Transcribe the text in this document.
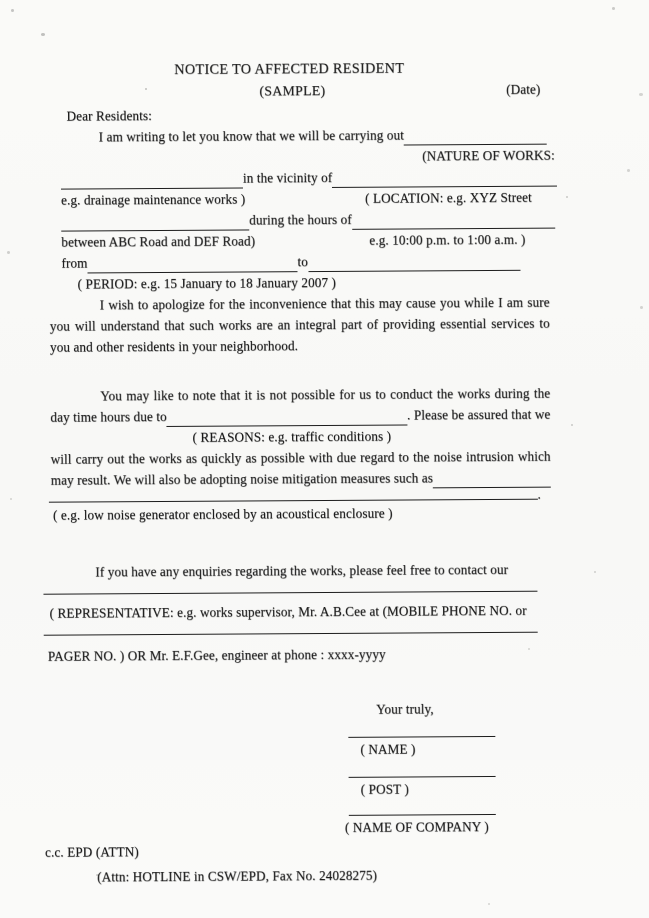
NOTICE TO AFFECTED RESIDENT
(SAMPLE)	(Date)
Dear Residents:
I am writing to let you know that we will be carrying out
(NATURE OF WORKS:
in the vicinity of
e.g. drainage maintenance works )	( LOCATION: e.g. XYZ Street
during the hours of
between ABC Road and DEF Road)	e.g. 10:00 p.m. to 1:00 a.m. )
from	to
( PERIOD: e.g. 15 January to 18 January 2007 )
I wish to apologize for the inconvenience that this may cause you while I am sure
you will understand that such works are an integral part of providing essential services to
you and other residents in your neighborhood.
You may like to note that it is not possible for us to conduct the works during the
day time hours due to	. Please be assured that we
( REASONS: e.g. traffic conditions )
will carry out the works as quickly as possible with due regard to the noise intrusion which
may result. We will also be adopting noise mitigation measures such as
.
( e.g. low noise generator enclosed by an acoustical enclosure )
If you have any enquiries regarding the works, please feel free to contact our
( REPRESENTATIVE: e.g. works supervisor, Mr. A.B.Cee at (MOBILE PHONE NO. or
PAGER NO. ) OR Mr. E.F.Gee, engineer at phone : xxxx-yyyy
Your truly,
( NAME )
( POST )
( NAME OF COMPANY )
c.c. EPD (ATTN)
(Attn: HOTLINE in CSW/EPD, Fax No. 24028275)
